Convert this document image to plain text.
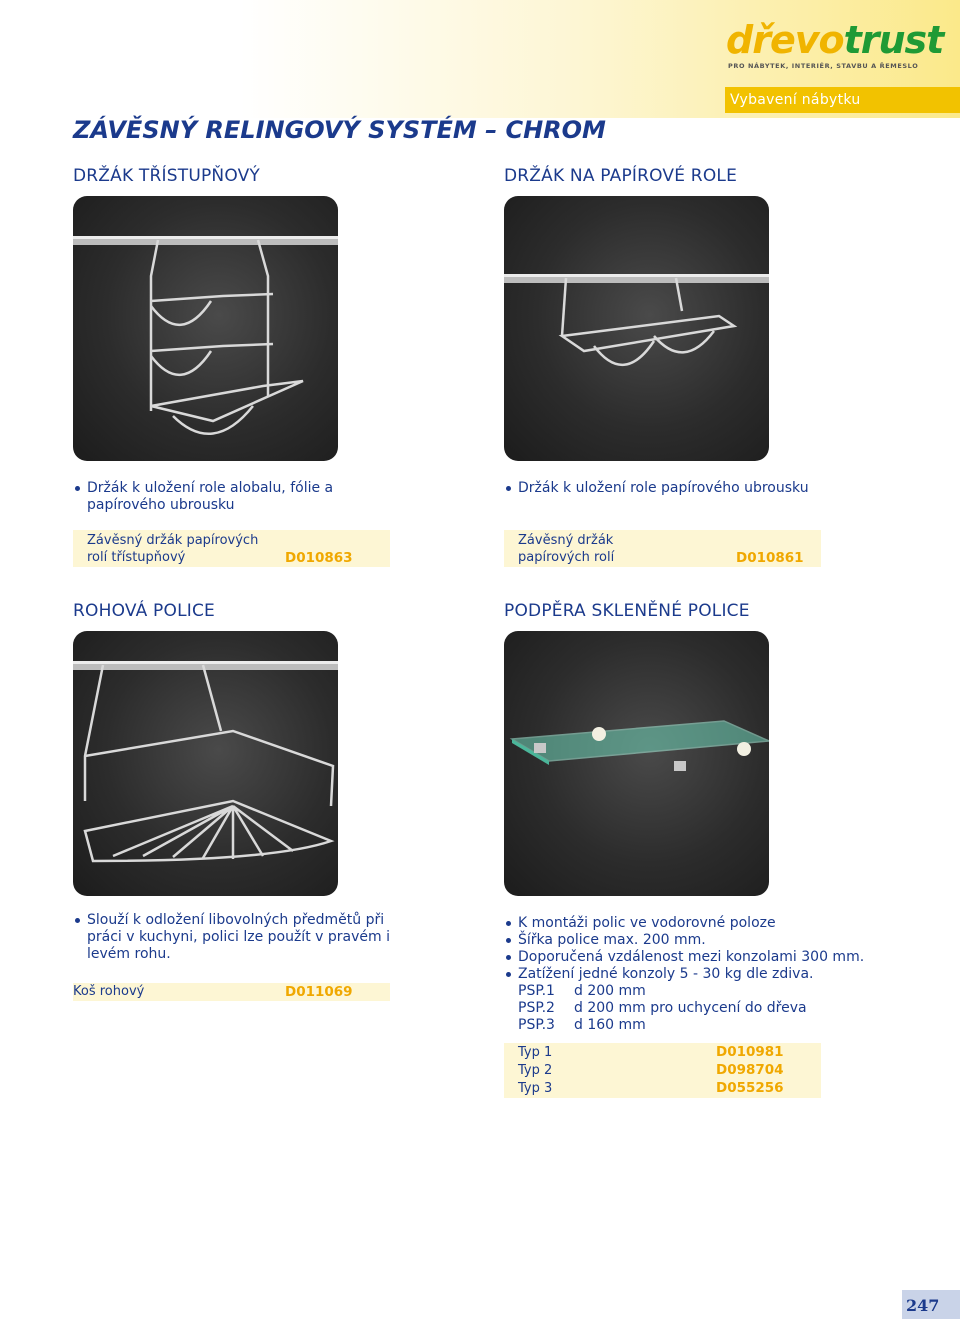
dřevotrust
PRO NÁBYTEK, INTERIÉR, STAVBU A ŘEMESLO
Vybavení nábytku
ZÁVĚSNÝ RELINGOVÝ SYSTÉM – CHROM
DRŽÁK TŘÍSTUPŇOVÝ
Držák k uložení role alobalu, fólie a papírového ubrousku
Závěsný držák papírových
rolí třístupňový	D010863
DRŽÁK NA PAPÍROVÉ ROLE
Držák k uložení role papírového ubrousku
Závěsný držák
papírových rolí	D010861
ROHOVÁ POLICE
Slouží k odložení libovolných předmětů při práci v kuchyni, polici lze použít v pravém i levém rohu.
Koš rohový	D011069
PODPĚRA SKLENĚNÉ POLICE
K montáži polic ve vodorovné poloze
Šířka police max. 200 mm.
Doporučená vzdálenost mezi konzolami 300 mm.
Zatížení jedné konzoly 5 - 30 kg dle zdiva.
PSP.1 d 200 mm
PSP.2 d 200 mm pro uchycení do dřeva
PSP.3 d 160 mm
Typ 1	D010981
Typ 2	D098704
Typ 3	D055256
247
